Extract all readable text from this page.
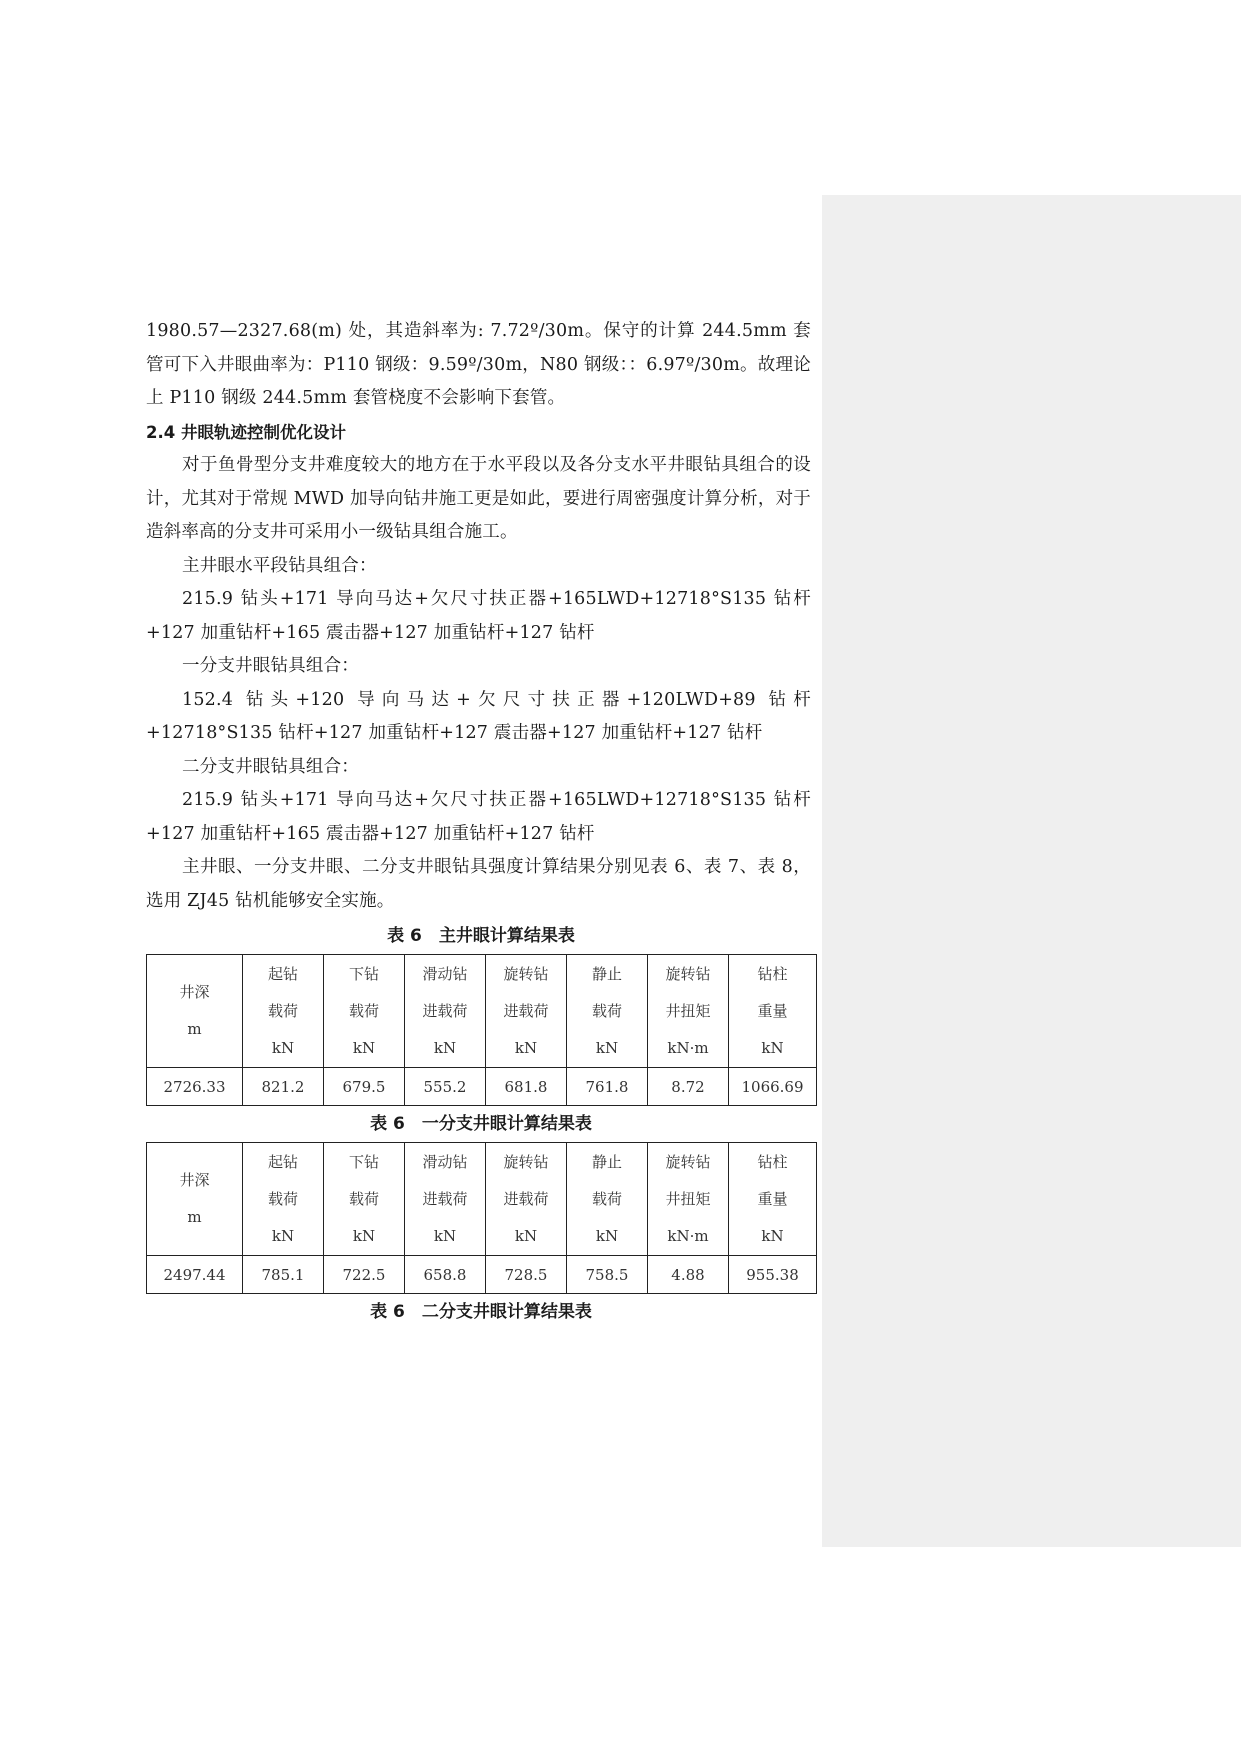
1980.57—2327.68(m) 处，其造斜率为: 7.72º/30m。保守的计算 244.5mm 套管可下入井眼曲率为：P110 钢级：9.59º/30m，N80 钢级：：6.97º/30m。故理论上 P110 钢级 244.5mm 套管桡度不会影响下套管。

2.4 井眼轨迹控制优化设计

对于鱼骨型分支井难度较大的地方在于水平段以及各分支水平井眼钻具组合的设计，尤其对于常规 MWD 加导向钻井施工更是如此，要进行周密强度计算分析，对于造斜率高的分支井可采用小一级钻具组合施工。

主井眼水平段钻具组合：

215.9 钻头+171 导向马达+欠尺寸扶正器+165LWD+12718°S135 钻杆+127 加重钻杆+165 震击器+127 加重钻杆+127 钻杆

一分支井眼钻具组合：

152.4 钻头+120 导向马达+欠尺寸扶正器+120LWD+89 钻杆+12718°S135 钻杆+127 加重钻杆+127 震击器+127 加重钻杆+127 钻杆

二分支井眼钻具组合：

215.9 钻头+171 导向马达+欠尺寸扶正器+165LWD+12718°S135 钻杆+127 加重钻杆+165 震击器+127 加重钻杆+127 钻杆

主井眼、一分支井眼、二分支井眼钻具强度计算结果分别见表 6、表 7、表 8，选用 ZJ45 钻机能够安全实施。

表 6　主井眼计算结果表

井深
m	起钻
载荷
kN	下钻
载荷
kN	滑动钻
进载荷
kN	旋转钻
进载荷
kN	静止
载荷
kN	旋转钻
井扭矩
kN·m	钻柱
重量
kN

2726.33	821.2	679.5	555.2	681.8	761.8	8.72	1066.69

表 6　一分支井眼计算结果表

井深
m	起钻
载荷
kN	下钻
载荷
kN	滑动钻
进载荷
kN	旋转钻
进载荷
kN	静止
载荷
kN	旋转钻
井扭矩
kN·m	钻柱
重量
kN

2497.44	785.1	722.5	658.8	728.5	758.5	4.88	955.38

表 6　二分支井眼计算结果表
